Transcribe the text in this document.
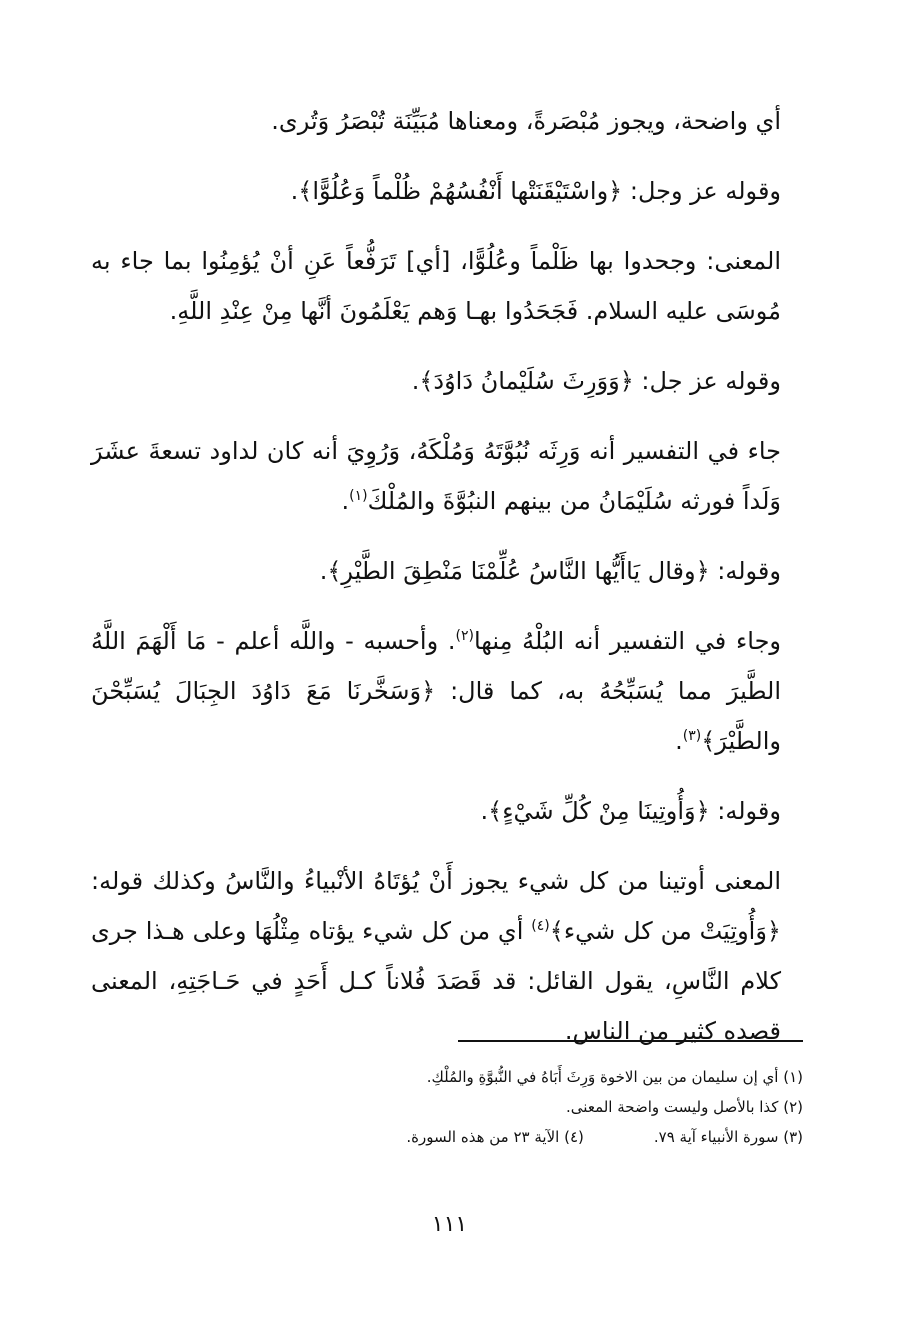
أي واضحة، ويجوز مُبْصَرةً، ومعناها مُبَيِّنَة تُبْصَرُ وَتُرى.

وقوله عز وجل: ﴿واسْتَيْقَنَتْها أَنْفُسُهُمْ ظُلْماً وَعُلُوًّا﴾.

المعنى: وجحدوا بها ظَلْماً وعُلُوًّا، [أي] تَرَفُّعاً عَنِ أنْ يُؤمِنُوا بما جاء به مُوسَى عليه السلام. فَجَحَدُوا بهـا وَهم يَعْلَمُونَ أنَّها مِنْ عِنْدِ اللَّهِ.

وقوله عز جل: ﴿وَوَرِثَ سُلَيْمانُ دَاوُدَ﴾.

جاء في التفسير أنه وَرِثَه نُبُوَّتَهُ وَمُلْكَهُ، وَرُوِيَ أنه كان لداود تسعةَ عشَرَ وَلَداً فورثه سُلَيْمَانُ من بينهم النبُوَّةَ والمُلْكَ$^{(١)}$.

وقوله: ﴿وقال يَاأَيُّها النَّاسُ عُلِّمْنَا مَنْطِقَ الطَّيْرِ﴾.

وجاء في التفسير أنه البُلْهُ مِنها$^{(٢)}$. وأحسبه - واللَّه أعلم - مَا أَلْهَمَ اللَّهُ الطَّيرَ مما يُسَبِّحُهُ به، كما قال: ﴿وَسَخَّرنَا مَعَ دَاوُدَ الجِبَالَ يُسَبِّحْنَ والطَّيْرَ﴾$^{(٣)}$.

وقوله: ﴿وَأُوتِينَا مِنْ كُلِّ شَيْءٍ﴾.

المعنى أوتينا من كل شيء يجوز أَنْ يُؤتَاهُ الأنْبياءُ والنَّاسُ وكذلك قوله: ﴿وَأُوتِيَتْ من كل شيء﴾$^{(٤)}$ أي من كل شيء يؤتاه مِثْلُهَا وعلى هـذا جرى كلام النَّاسِ، يقول القائل: قد قَصَدَ فُلاناً كـل أَحَدٍ في حَـاجَتِهِ، المعنى قصده كثير من الناس.

(١) أي إن سليمان من بين الاخوة وَرِثَ أَبَاهُ في النُّبوَّةِ والمُلْكِ.
(٢) كذا بالأصل وليست واضحة المعنى.
(٣) سورة الأنبياء آية ٧٩.
(٤) الآية ٢٣ من هذه السورة.
١١١
